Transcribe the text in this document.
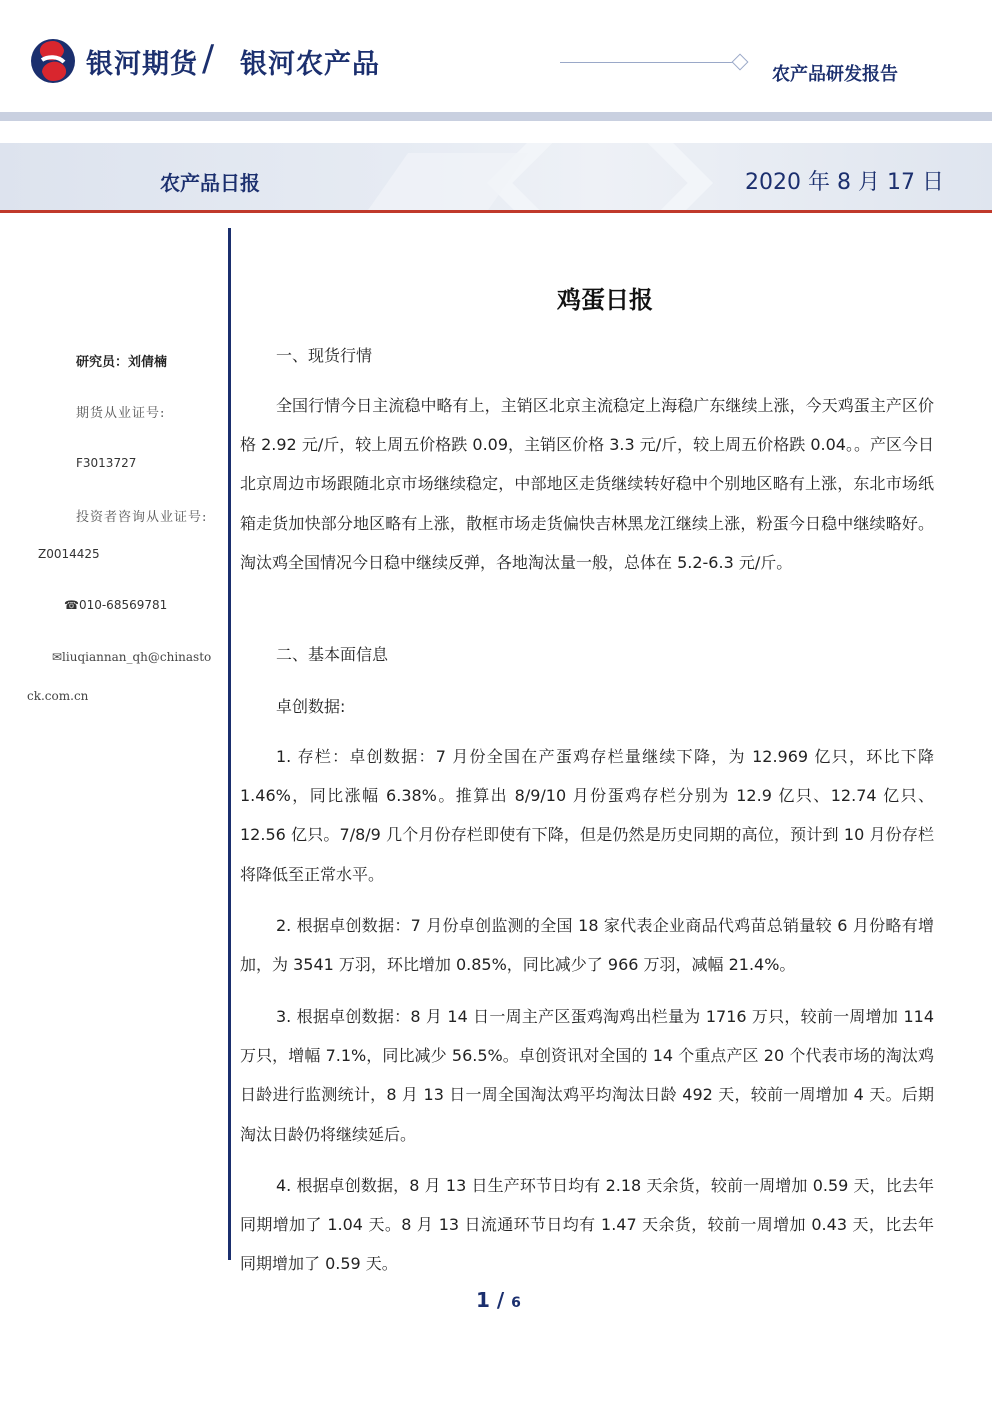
银河期货 / 银河农产品	农产品研发报告
农产品日报	2020 年 8 月 17 日
研究员：刘倩楠
期货从业证号:
F3013727
投资者咨询从业证号:
Z0014425
☎010-68569781
✉liuqiannan_qh@chinasto
ck.com.cn
鸡蛋日报
一、现货行情
全国行情今日主流稳中略有上，主销区北京主流稳定上海稳广东继续上涨，今天鸡蛋主产区价格 2.92 元/斤，较上周五价格跌 0.09，主销区价格 3.3 元/斤，较上周五价格跌 0.04。。产区今日北京周边市场跟随北京市场继续稳定，中部地区走货继续转好稳中个别地区略有上涨，东北市场纸箱走货加快部分地区略有上涨，散框市场走货偏快吉林黑龙江继续上涨，粉蛋今日稳中继续略好。淘汰鸡全国情况今日稳中继续反弹，各地淘汰量一般，总体在 5.2-6.3 元/斤。
二、基本面信息
卓创数据:
1. 存栏：卓创数据：7 月份全国在产蛋鸡存栏量继续下降，为 12.969 亿只，环比下降 1.46%，同比涨幅 6.38%。推算出 8/9/10 月份蛋鸡存栏分别为 12.9 亿只、12.74 亿只、12.56 亿只。7/8/9 几个月份存栏即使有下降，但是仍然是历史同期的高位，预计到 10 月份存栏将降低至正常水平。
2. 根据卓创数据：7 月份卓创监测的全国 18 家代表企业商品代鸡苗总销量较 6 月份略有增加，为 3541 万羽，环比增加 0.85%，同比减少了 966 万羽，减幅 21.4%。
3. 根据卓创数据：8 月 14 日一周主产区蛋鸡淘鸡出栏量为 1716 万只，较前一周增加 114 万只，增幅 7.1%，同比减少 56.5%。卓创资讯对全国的 14 个重点产区 20 个代表市场的淘汰鸡日龄进行监测统计，8 月 13 日一周全国淘汰鸡平均淘汰日龄 492 天，较前一周增加 4 天。后期淘汰日龄仍将继续延后。
4. 根据卓创数据，8 月 13 日生产环节日均有 2.18 天余货，较前一周增加 0.59 天，比去年同期增加了 1.04 天。8 月 13 日流通环节日均有 1.47 天余货，较前一周增加 0.43 天，比去年同期增加了 0.59 天。
1 / 6
